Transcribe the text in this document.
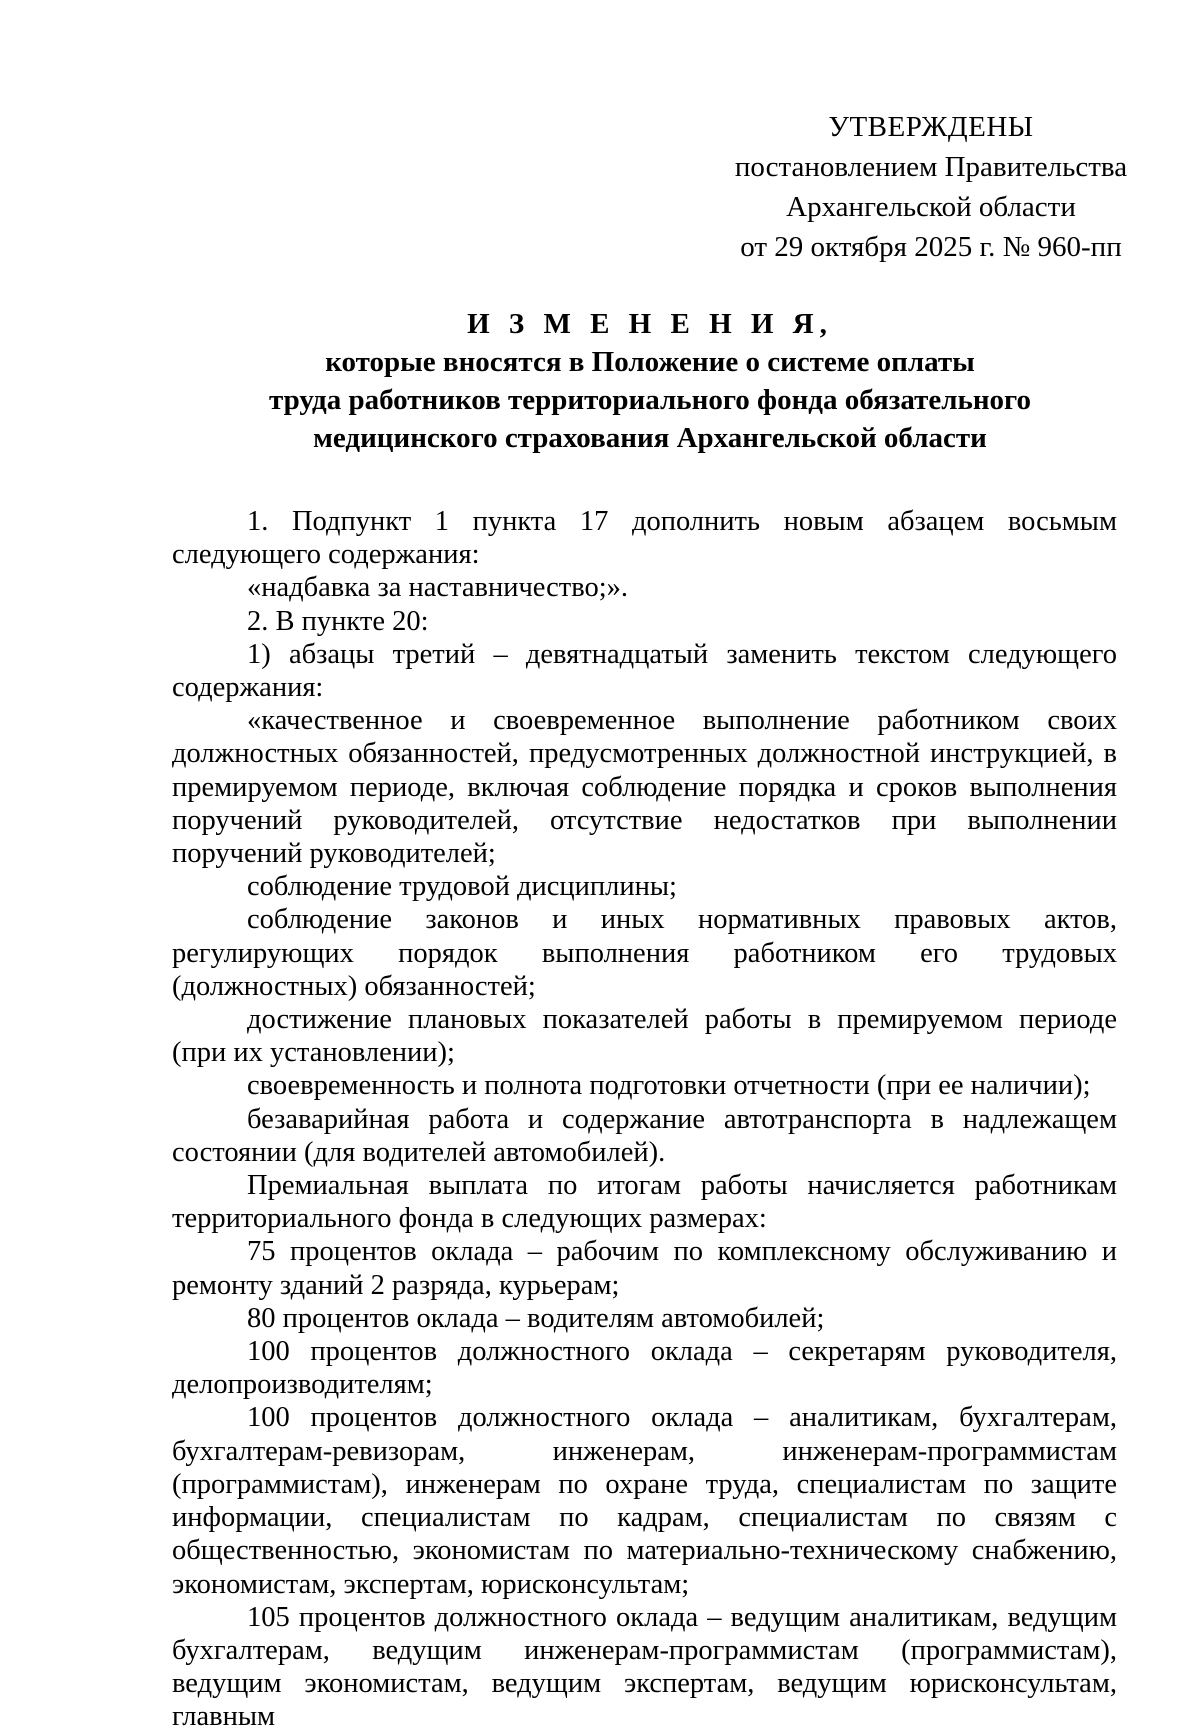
УТВЕРЖДЕНЫ
постановлением Правительства
Архангельской области
от 29 октября 2025 г. № 960-пп
И З М Е Н Е Н И Я,
которые вносятся в Положение о системе оплаты
труда работников территориального фонда обязательного
медицинского страхования Архангельской области

1. Подпункт 1 пункта 17 дополнить новым абзацем восьмым следующего содержания:

«надбавка за наставничество;».

2. В пункте 20:

1) абзацы третий – девятнадцатый заменить текстом следующего содержания:

«качественное и своевременное выполнение работником своих должностных обязанностей, предусмотренных должностной инструкцией, в премируемом периоде, включая соблюдение порядка и сроков выполнения поручений руководителей, отсутствие недостатков при выполнении поручений руководителей;

соблюдение трудовой дисциплины;

соблюдение законов и иных нормативных правовых актов, регулирующих порядок выполнения работником его трудовых (должностных) обязанностей;

достижение плановых показателей работы в премируемом периоде (при их установлении);

своевременность и полнота подготовки отчетности (при ее наличии);

безаварийная работа и содержание автотранспорта в надлежащем состоянии (для водителей автомобилей).

Премиальная выплата по итогам работы начисляется работникам территориального фонда в следующих размерах:

75 процентов оклада – рабочим по комплексному обслуживанию и ремонту зданий 2 разряда, курьерам;

80 процентов оклада – водителям автомобилей;

100 процентов должностного оклада – секретарям руководителя, делопроизводителям;

100 процентов должностного оклада – аналитикам, бухгалтерам, бухгалтерам-ревизорам, инженерам, инженерам-программистам (программистам), инженерам по охране труда, специалистам по защите информации, специалистам по кадрам, специалистам по связям с общественностью, экономистам по материально-техническому снабжению, экономистам, экспертам, юрисконсультам;

105 процентов должностного оклада – ведущим аналитикам, ведущим бухгалтерам, ведущим инженерам-программистам (программистам), ведущим экономистам, ведущим экспертам, ведущим юрисконсультам, главным
